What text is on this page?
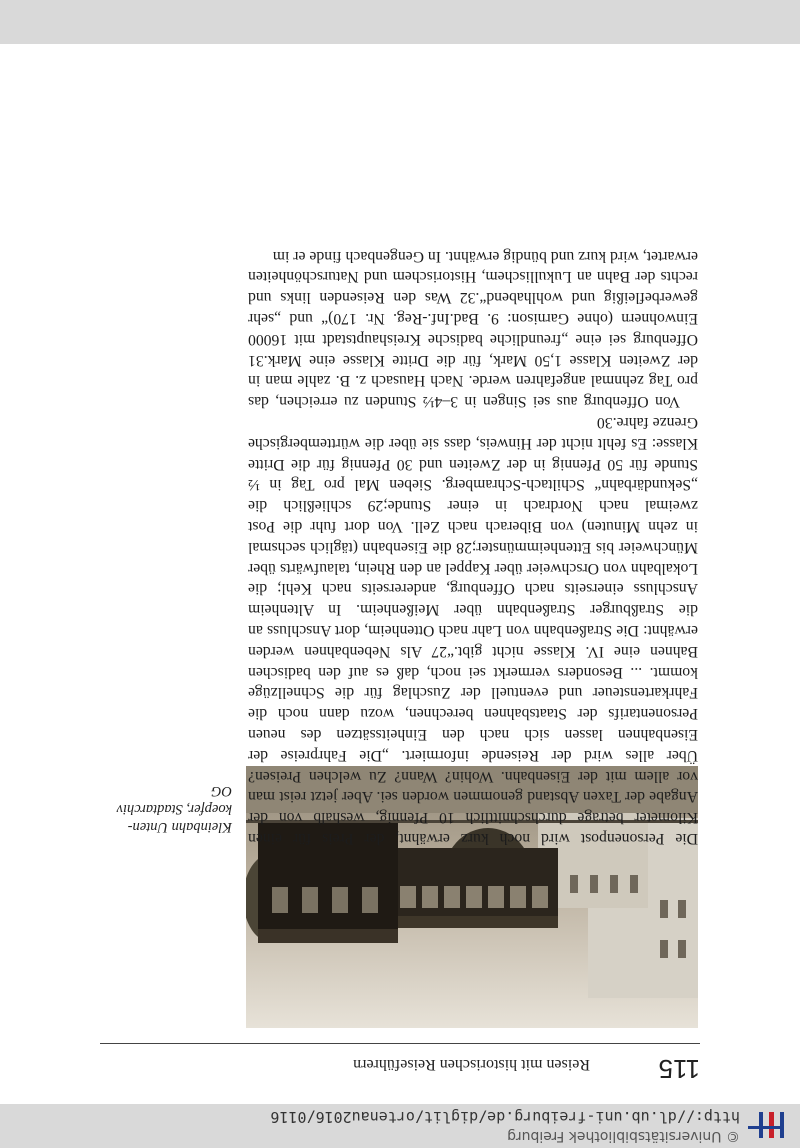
© Universitätsbibliothek Freiburg
http://dl.ub.uni-freiburg.de/diglit/ortenau2016/0116
115
Reisen mit historischen Reiseführern
Kleinbahn Unten-
koepfer, Stadtarchiv
OG

Die Personenpost wird noch kurz erwähnt, der Preis für einen Kilometer betrage durchschnittlich 10 Pfennig, weshalb von der Angabe der Taxen Abstand genommen worden sei. Aber jetzt reist man vor allem mit der Eisenbahn. Wohin? Wann? Zu welchen Preisen? Über alles wird der Reisende informiert. „Die Fahrpreise der Eisenbahnen lassen sich nach den Einheitssätzen des neuen Personentarifs der Staatsbahnen berechnen, wozu dann noch die Fahrkartensteuer und eventuell der Zuschlag für die Schnellzüge kommt. ... Besonders vermerkt sei noch, daß es auf den badischen Bahnen eine IV. Klasse nicht gibt.“27 Als Nebenbahnen werden erwähnt: Die Straßenbahn von Lahr nach Ottenheim, dort Anschluss an die Straßburger Straßenbahn über Meißenheim. In Altenheim Anschluss einerseits nach Offenburg, andererseits nach Kehl; die Lokalbahn von Orschweier über Kappel an den Rhein, talaufwärts über Münchweier bis Ettenheimmünster;28 die Eisenbahn (täglich sechsmal in zehn Minuten) von Biberach nach Zell. Von dort fuhr die Post zweimal nach Nordrach in einer Stunde;29 schließlich die „Sekundärbahn“ Schiltach-Schramberg. Sieben Mal pro Tag in ½ Stunde für 50 Pfennig in der Zweiten und 30 Pfennig für die Dritte Klasse: Es fehlt nicht der Hinweis, dass sie über die württembergische Grenze fahre.30

Von Offenburg aus sei Singen in 3–4½ Stunden zu erreichen, das pro Tag zehnmal angefahren werde. Nach Hausach z. B. zahle man in der Zweiten Klasse 1,50 Mark, für die Dritte Klasse eine Mark.31 Offenburg sei eine „freundliche badische Kreishauptstadt mit 16000 Einwohnern (ohne Garnison: 9. Bad.Inf.-Reg. Nr. 170)“ und „sehr gewerbefleißig und wohlhabend“.32 Was den Reisenden links und rechts der Bahn an Lukullischem, Historischem und Naturschönheiten erwartet, wird kurz und bündig erwähnt. In Gengenbach finde er im
